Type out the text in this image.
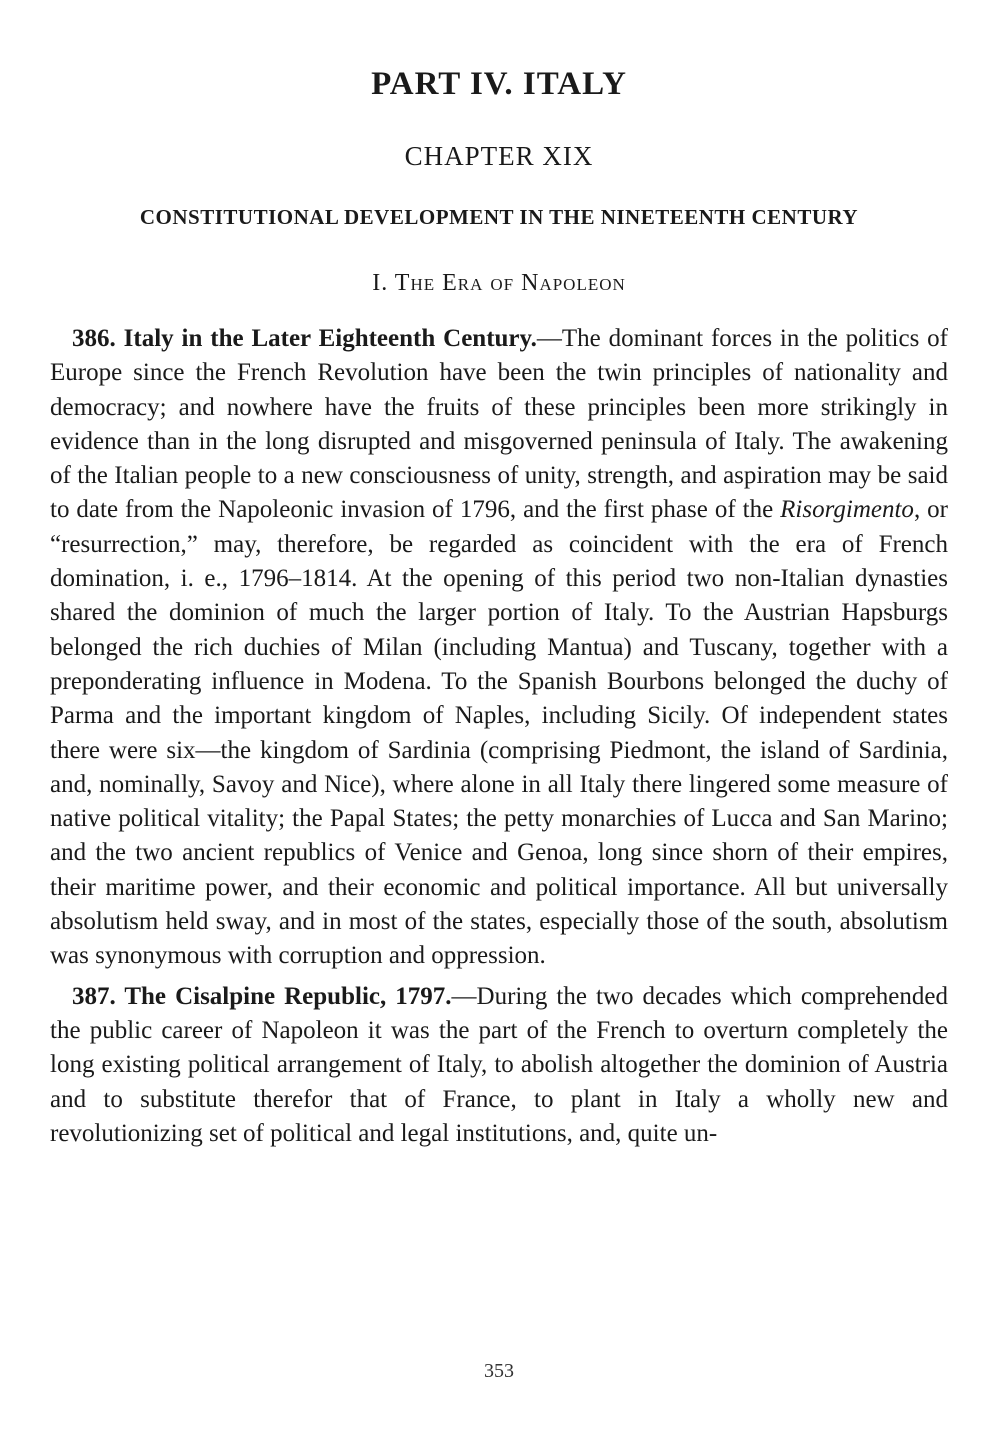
PART IV. ITALY
CHAPTER XIX
CONSTITUTIONAL DEVELOPMENT IN THE NINETEENTH CENTURY
I. The Era of Napoleon

386. Italy in the Later Eighteenth Century.—The dominant forces in the politics of Europe since the French Revolution have been the twin principles of nationality and democracy; and nowhere have the fruits of these principles been more strikingly in evidence than in the long disrupted and misgoverned peninsula of Italy. The awakening of the Italian people to a new consciousness of unity, strength, and aspiration may be said to date from the Napoleonic invasion of 1796, and the first phase of the Risorgimento, or “resurrection,” may, therefore, be regarded as coincident with the era of French domination, i. e., 1796–1814. At the opening of this period two non-Italian dynasties shared the dominion of much the larger portion of Italy. To the Austrian Hapsburgs belonged the rich duchies of Milan (including Mantua) and Tuscany, together with a preponderating influence in Modena. To the Spanish Bourbons belonged the duchy of Parma and the important kingdom of Naples, including Sicily. Of independent states there were six—the kingdom of Sardinia (comprising Piedmont, the island of Sardinia, and, nominally, Savoy and Nice), where alone in all Italy there lingered some measure of native political vitality; the Papal States; the petty monarchies of Lucca and San Marino; and the two ancient republics of Venice and Genoa, long since shorn of their empires, their maritime power, and their economic and political importance. All but universally absolutism held sway, and in most of the states, especially those of the south, absolutism was synonymous with corruption and oppression.

387. The Cisalpine Republic, 1797.—During the two decades which comprehended the public career of Napoleon it was the part of the French to overturn completely the long existing political arrangement of Italy, to abolish altogether the dominion of Austria and to substitute therefor that of France, to plant in Italy a wholly new and revolutionizing set of political and legal institutions, and, quite un-

353
